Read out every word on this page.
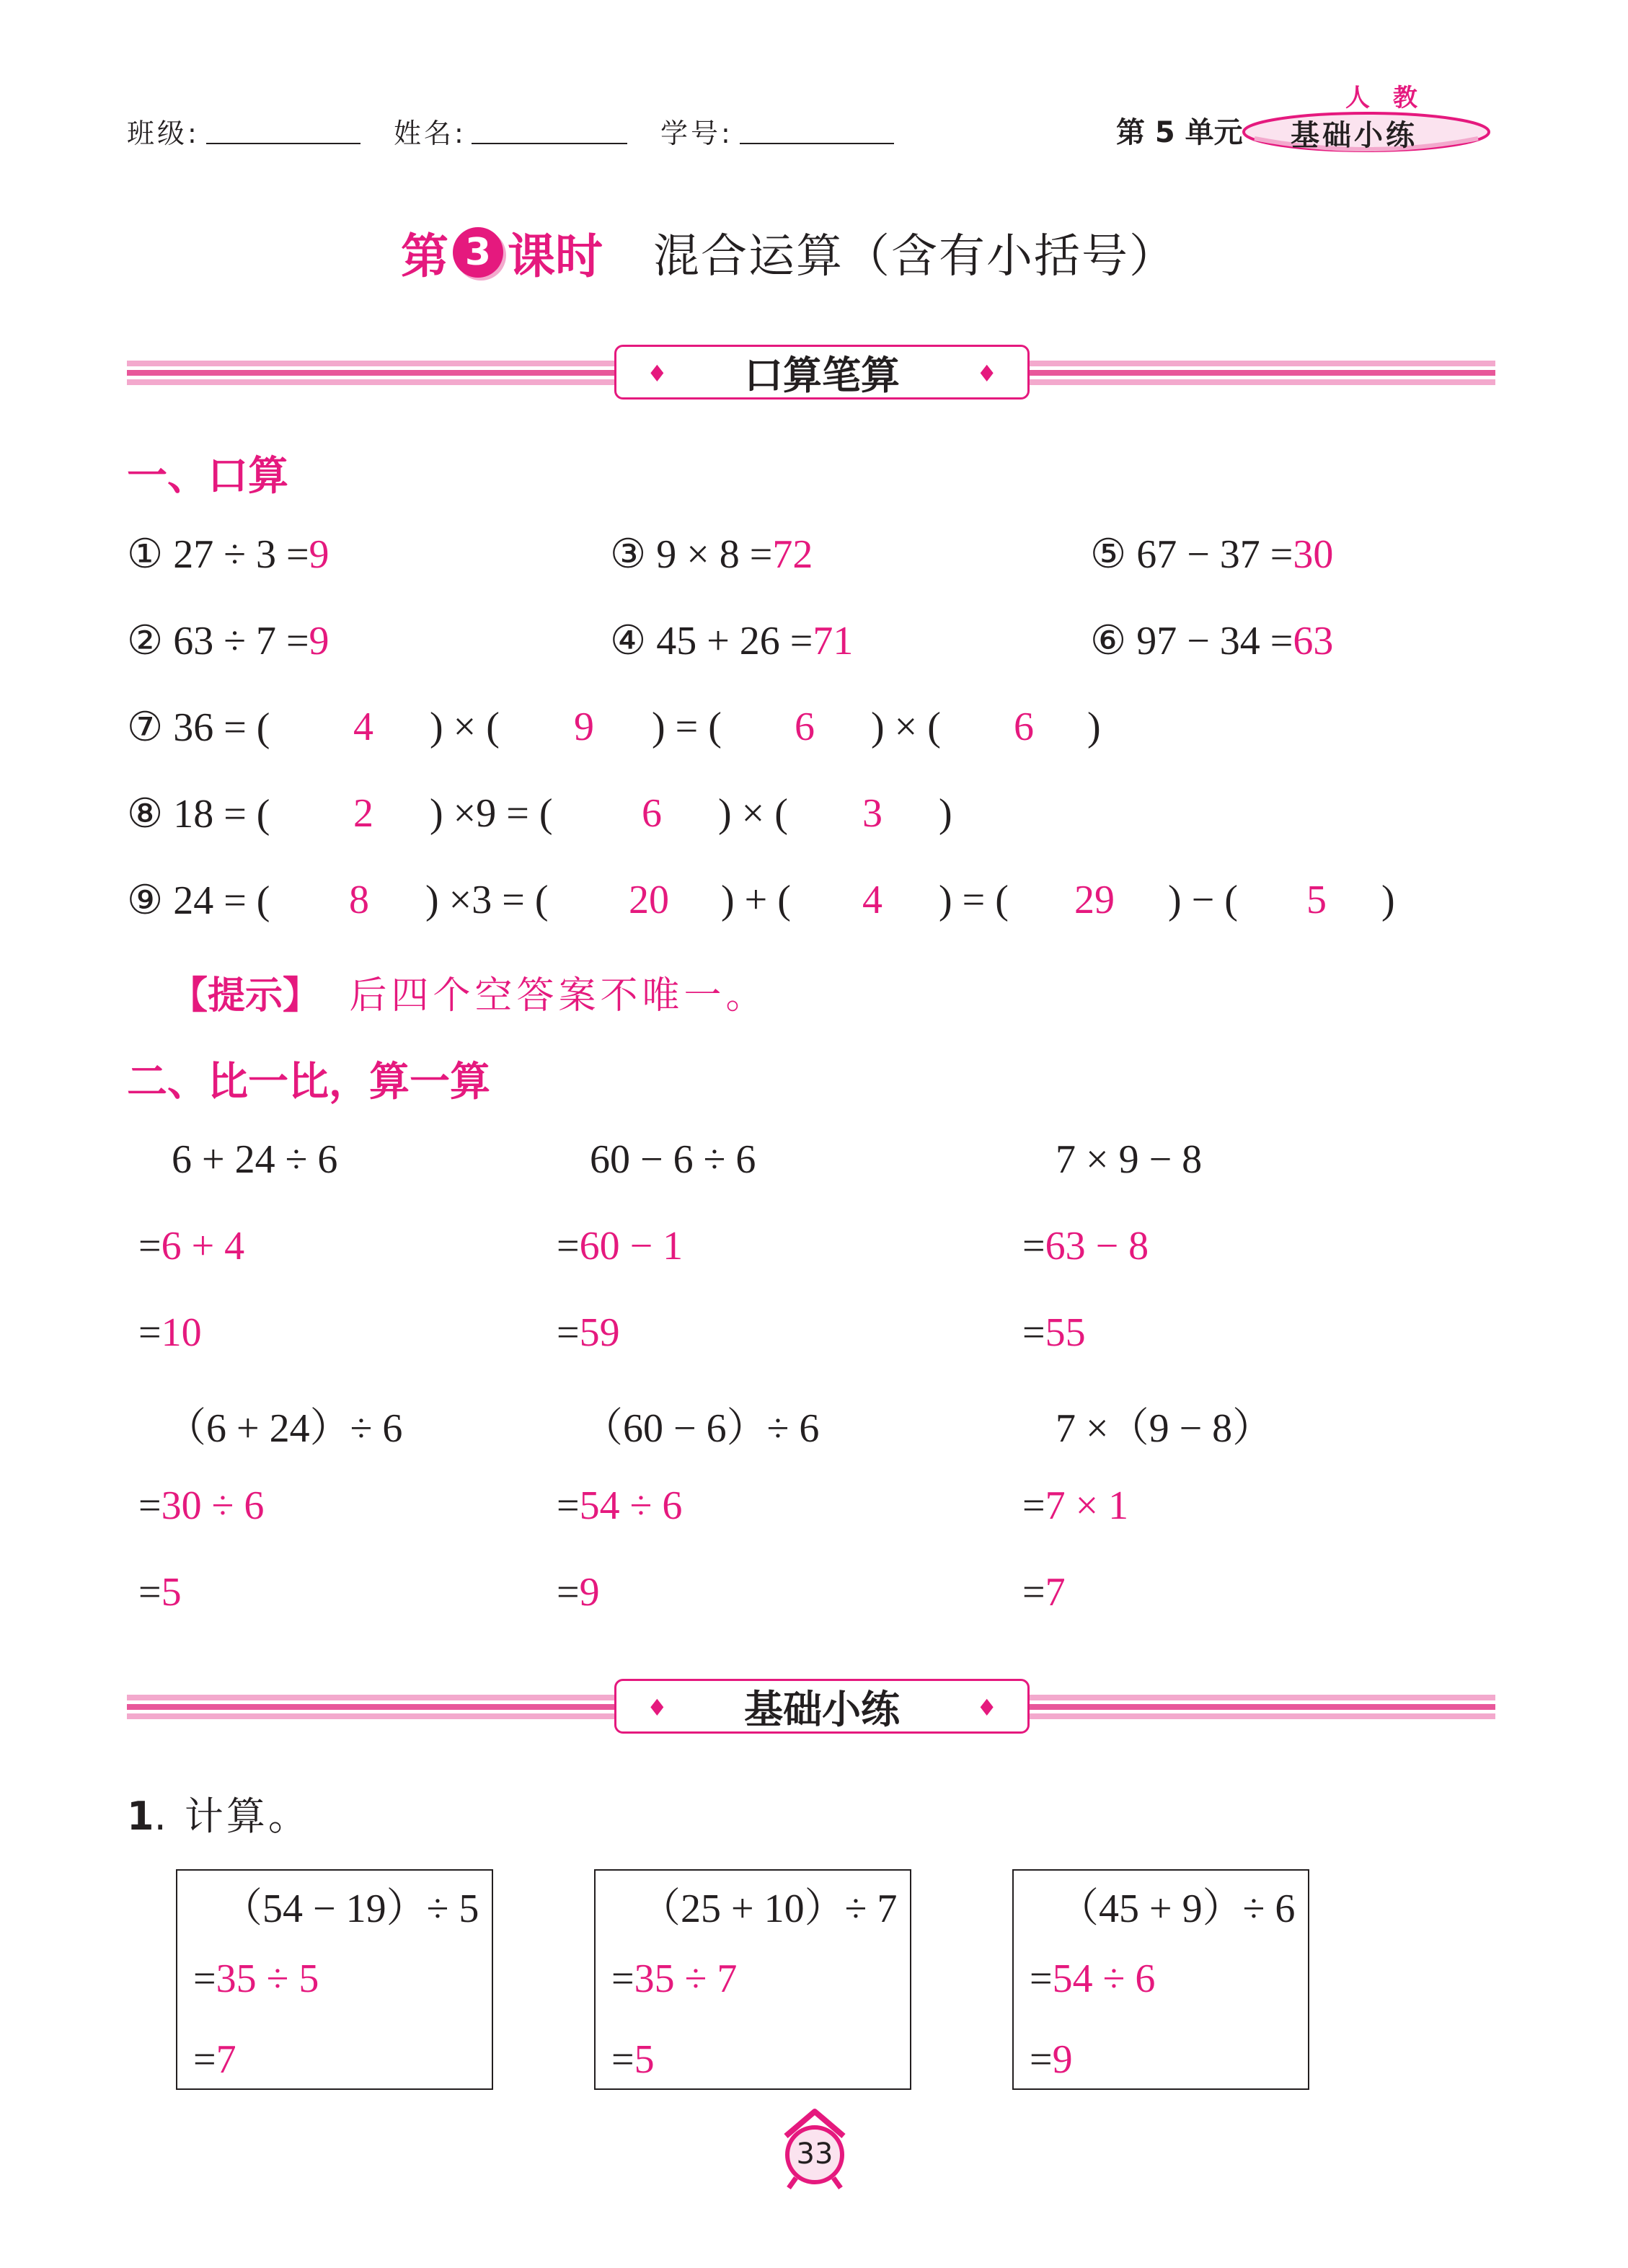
班级:	姓名:	学号:	第 5 单元
人 教
基础小练
第 3 课时 混合运算（含有小括号）
♦ 口算笔算	♦
一、口算
① 27 ÷ 3 =9	③ 9 × 8 =72	⑤ 67 − 37 =30
② 63 ÷ 7 =9	④ 45 + 26 =71	⑥ 97 − 34 =63
⑦ 36 = ( 4 ) × ( 9 ) = ( 6 ) × ( 6 )
⑧ 18 = ( 2 ) ×9 = ( 6 ) × ( 3 )
⑨ 24 = ( 8 ) ×3 = ( 20 ) + ( 4 ) = ( 29 ) − ( 5 )
【提示】 后四个空答案不唯一。
二、比一比，算一算
6 + 24 ÷ 6
=6 + 4
=10
60 − 6 ÷ 6
=60 − 1
=59
7 × 9 − 8
=63 − 8
=55
（6 + 24）÷ 6
=30 ÷ 6
=5
（60 − 6）÷ 6
=54 ÷ 6
=9
7 ×（9 − 8）
=7 × 1
=7
♦ 基础小练	♦
1. 计算。
（54 − 19）÷ 5
=35 ÷ 5
=7
（25 + 10）÷ 7
=35 ÷ 7
=5
（45 + 9）÷ 6
=54 ÷ 6
=9
33
